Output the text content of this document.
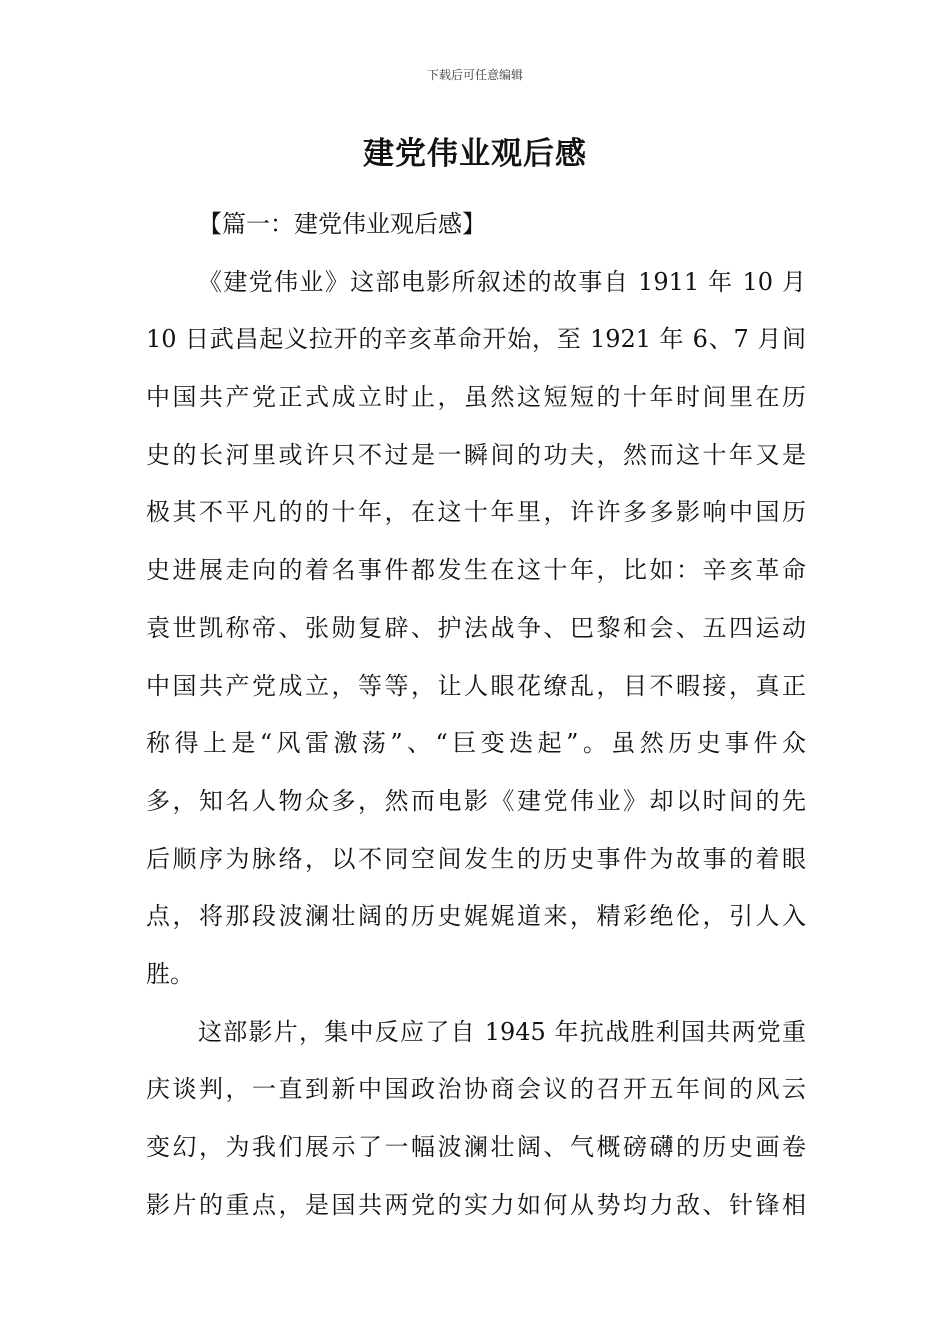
下载后可任意编辑
建党伟业观后感
【篇一：建党伟业观后感】
《建党伟业》这部电影所叙述的故事自 1911 年 10 月
10 日武昌起义拉开的辛亥革命开始，至 1921 年 6、7 月间
中国共产党正式成立时止，虽然这短短的十年时间里在历
史的长河里或许只不过是一瞬间的功夫，然而这十年又是
极其不平凡的的十年，在这十年里，许许多多影响中国历
史进展走向的着名事件都发生在这十年，比如：辛亥革命
袁世凯称帝、张勋复辟、护法战争、巴黎和会、五四运动
中国共产党成立，等等，让人眼花缭乱，目不暇接，真正
称得上是“风雷激荡”、“巨变迭起”。虽然历史事件众
多，知名人物众多，然而电影《建党伟业》却以时间的先
后顺序为脉络，以不同空间发生的历史事件为故事的着眼
点，将那段波澜壮阔的历史娓娓道来，精彩绝伦，引人入
胜。
这部影片，集中反应了自 1945 年抗战胜利国共两党重
庆谈判，一直到新中国政治协商会议的召开五年间的风云
变幻，为我们展示了一幅波澜壮阔、气概磅礴的历史画卷
影片的重点，是国共两党的实力如何从势均力敌、针锋相
